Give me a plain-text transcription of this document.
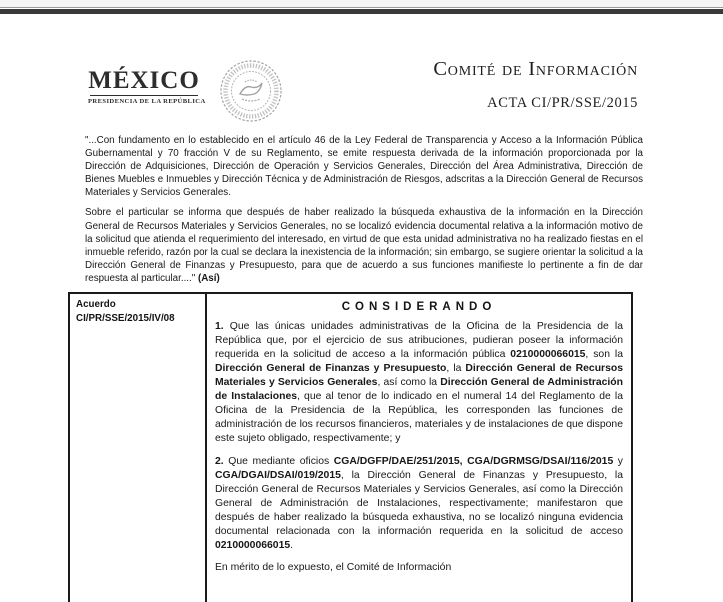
MÉXICO
PRESIDENCIA DE LA REPÚBLICA
Comité de Información
ACTA CI/PR/SSE/2015

"...Con fundamento en lo establecido en el artículo 46 de la Ley Federal de Transparencia y Acceso a la Información Pública Gubernamental y 70 fracción V de su Reglamento, se emite respuesta derivada de la información proporcionada por la Dirección de Adquisiciones, Dirección de Operación y Servicios Generales, Dirección del Área Administrativa, Dirección de Bienes Muebles e Inmuebles y Dirección Técnica y de Administración de Riesgos, adscritas a la Dirección General de Recursos Materiales y Servicios Generales.

Sobre el particular se informa que después de haber realizado la búsqueda exhaustiva de la información en la Dirección General de Recursos Materiales y Servicios Generales, no se localizó evidencia documental relativa a la información motivo de la solicitud que atienda el requerimiento del interesado, en virtud de que esta unidad administrativa no ha realizado fiestas en el inmueble referido, razón por la cual se declara la inexistencia de la información; sin embargo, se sugiere orientar la solicitud a la Dirección General de Finanzas y Presupuesto, para que de acuerdo a sus funciones manifieste lo pertinente a fin de dar respuesta al particular...." (Así)

Acuerdo
CI/PR/SSE/2015/IV/08
CONSIDERANDO

1. Que las únicas unidades administrativas de la Oficina de la Presidencia de la República que, por el ejercicio de sus atribuciones, pudieran poseer la información requerida en la solicitud de acceso a la información pública 0210000066015, son la Dirección General de Finanzas y Presupuesto, la Dirección General de Recursos Materiales y Servicios Generales, así como la Dirección General de Administración de Instalaciones, que al tenor de lo indicado en el numeral 14 del Reglamento de la Oficina de la Presidencia de la República, les corresponden las funciones de administración de los recursos financieros, materiales y de instalaciones de que dispone este sujeto obligado, respectivamente; y

2. Que mediante oficios CGA/DGFP/DAE/251/2015, CGA/DGRMSG/DSAI/116/2015 y CGA/DGAI/DSAI/019/2015, la Dirección General de Finanzas y Presupuesto, la Dirección General de Recursos Materiales y Servicios Generales, así como la Dirección General de Administración de Instalaciones, respectivamente; manifestaron que después de haber realizado la búsqueda exhaustiva, no se localizó ninguna evidencia documental relacionada con la información requerida en la solicitud de acceso 0210000066015.

En mérito de lo expuesto, el Comité de Información
